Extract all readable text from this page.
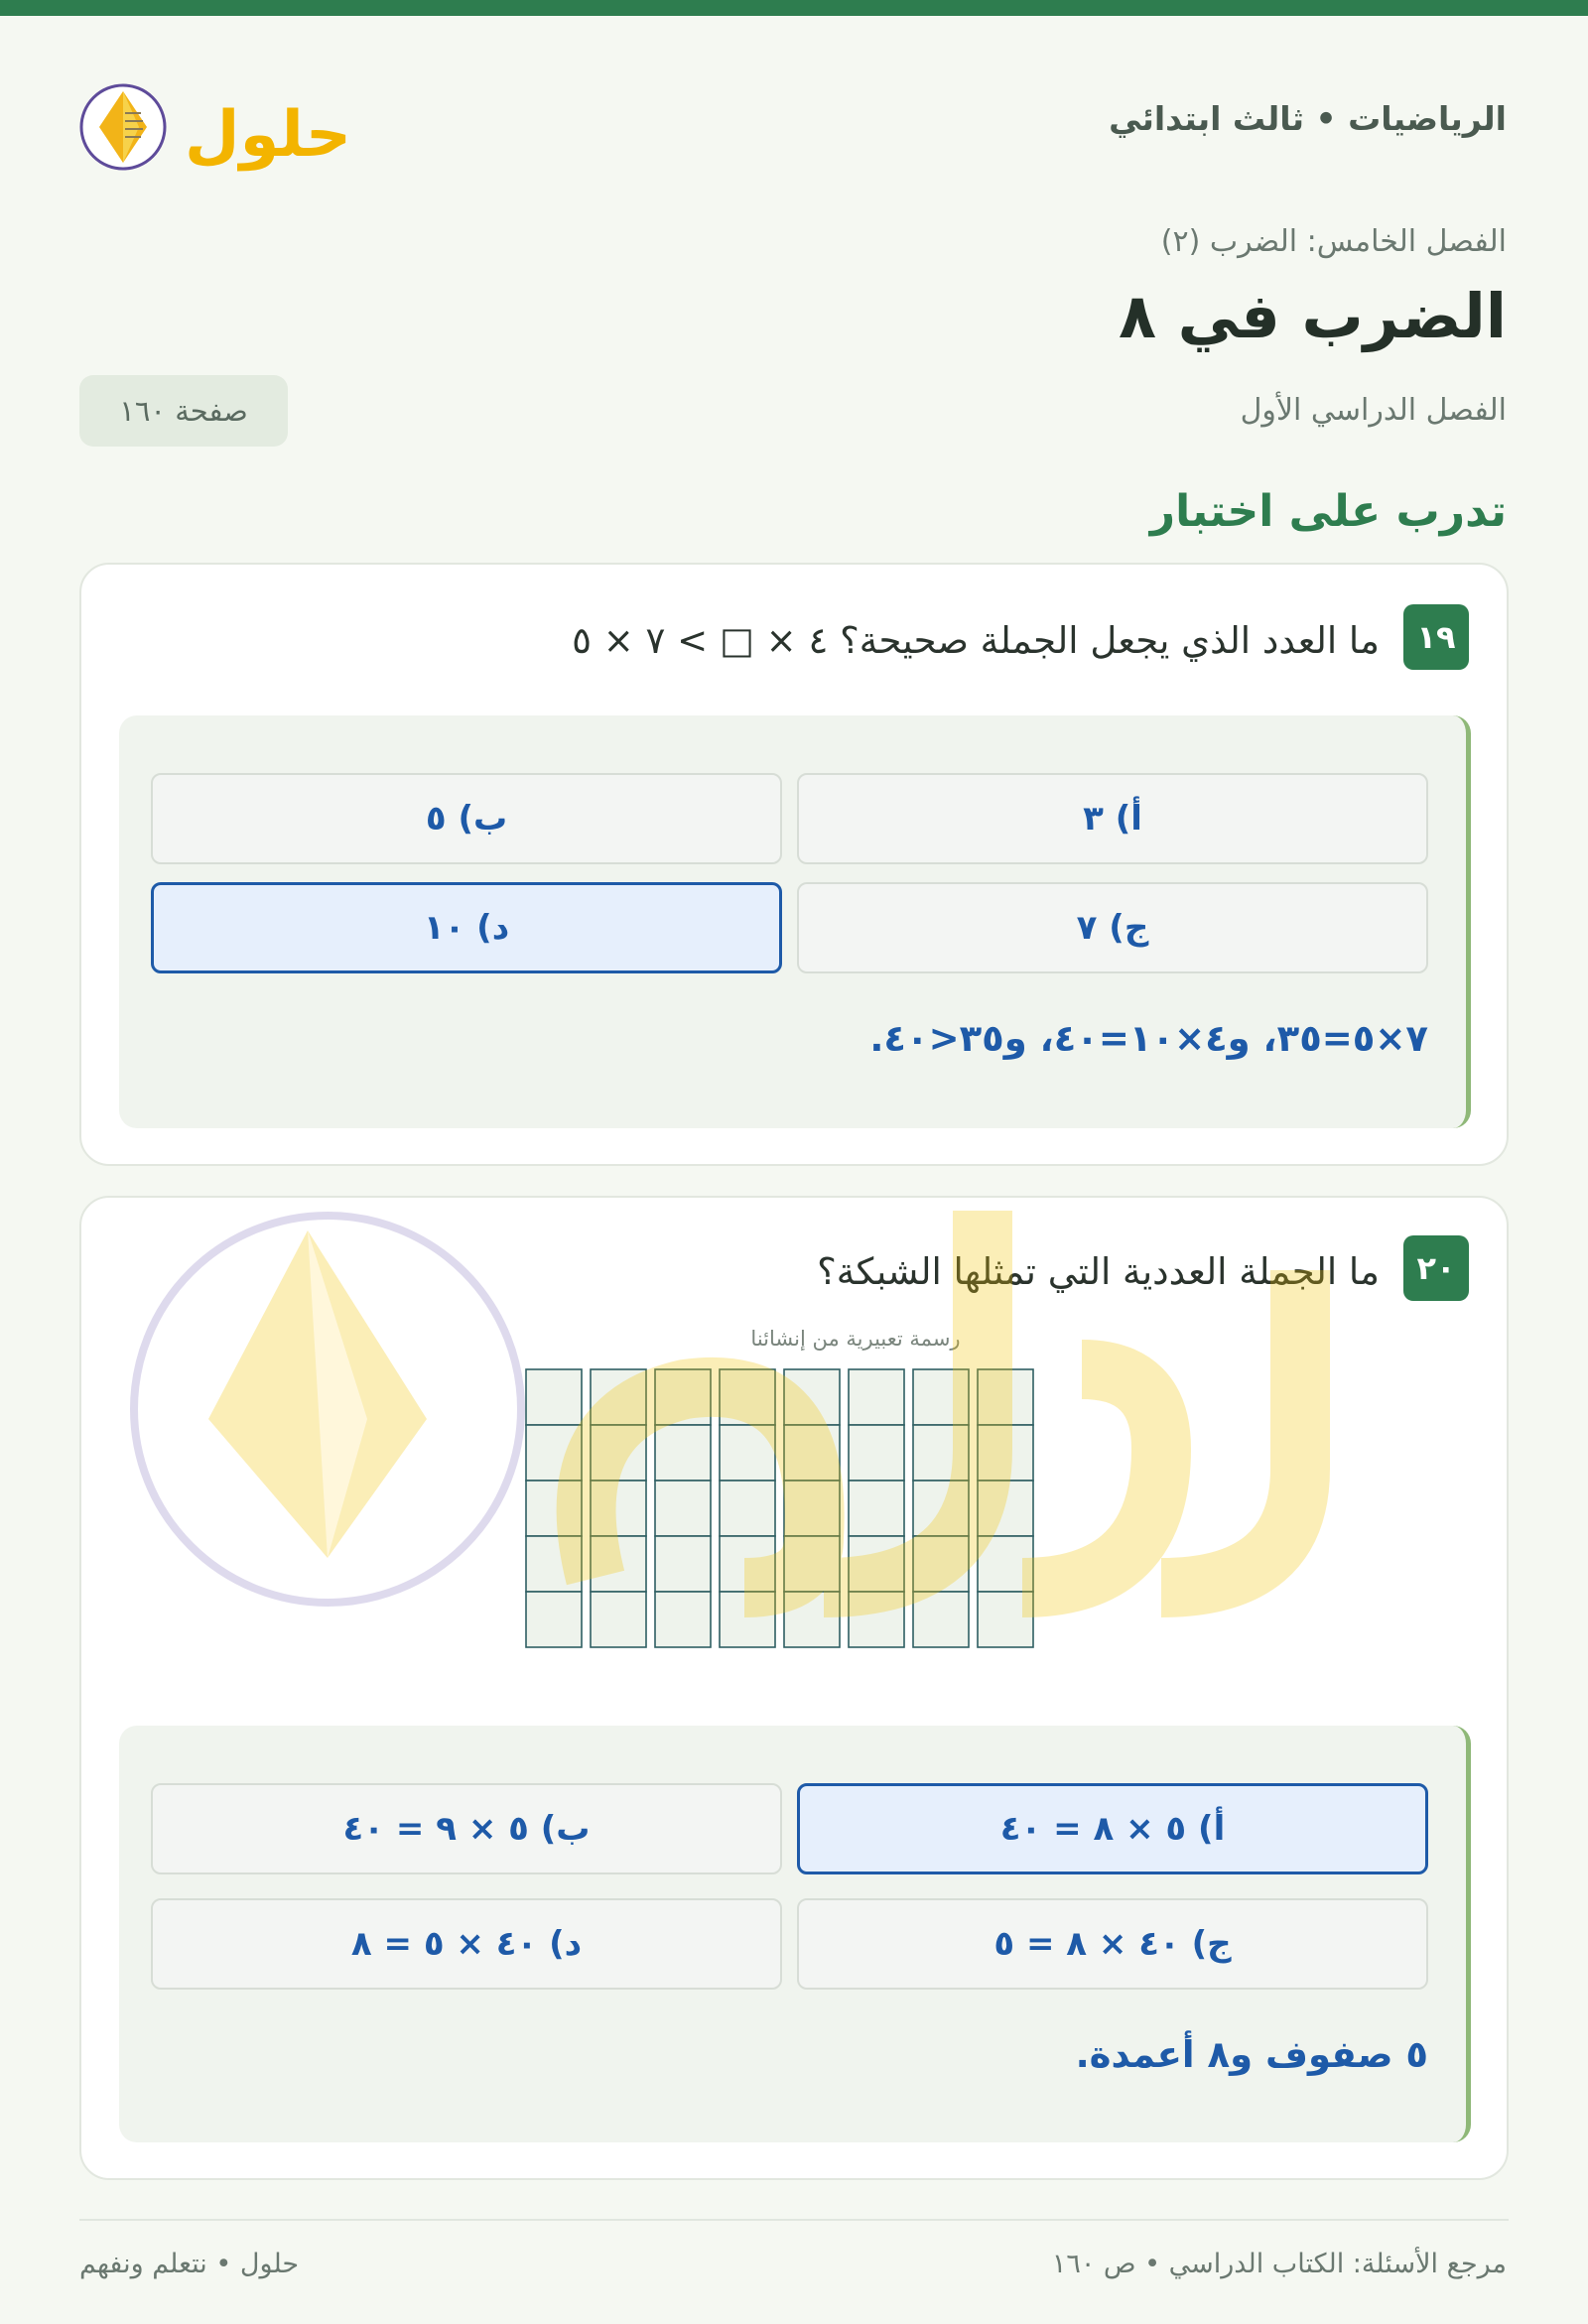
حلول	الرياضيات • ثالث ابتدائي
الفصل الخامس: الضرب (٢)
الضرب في ٨
الفصل الدراسي الأول
صفحة ١٦٠
تدرب على اختبار
١٩
ما العدد الذي يجعل الجملة صحيحة؟ ٤ × □ > ٧ × ٥
أ) ٣
ب) ٥
ج) ٧
د) ١٠
٧×٥=٣٥، و٤×١٠=٤٠، و٣٥<٤٠.
٢٠
ما الجملة العددية التي تمثلها الشبكة؟
رسمة تعبيرية من إنشائنا
أ) ٥ × ٨ = ٤٠
ب) ٥ × ٩ = ٤٠
ج) ٤٠ × ٨ = ٥
د) ٤٠ × ٥ = ٨
٥ صفوف و٨ أعمدة.
مرجع الأسئلة: الكتاب الدراسي • ص ١٦٠
حلول • نتعلم ونفهم
